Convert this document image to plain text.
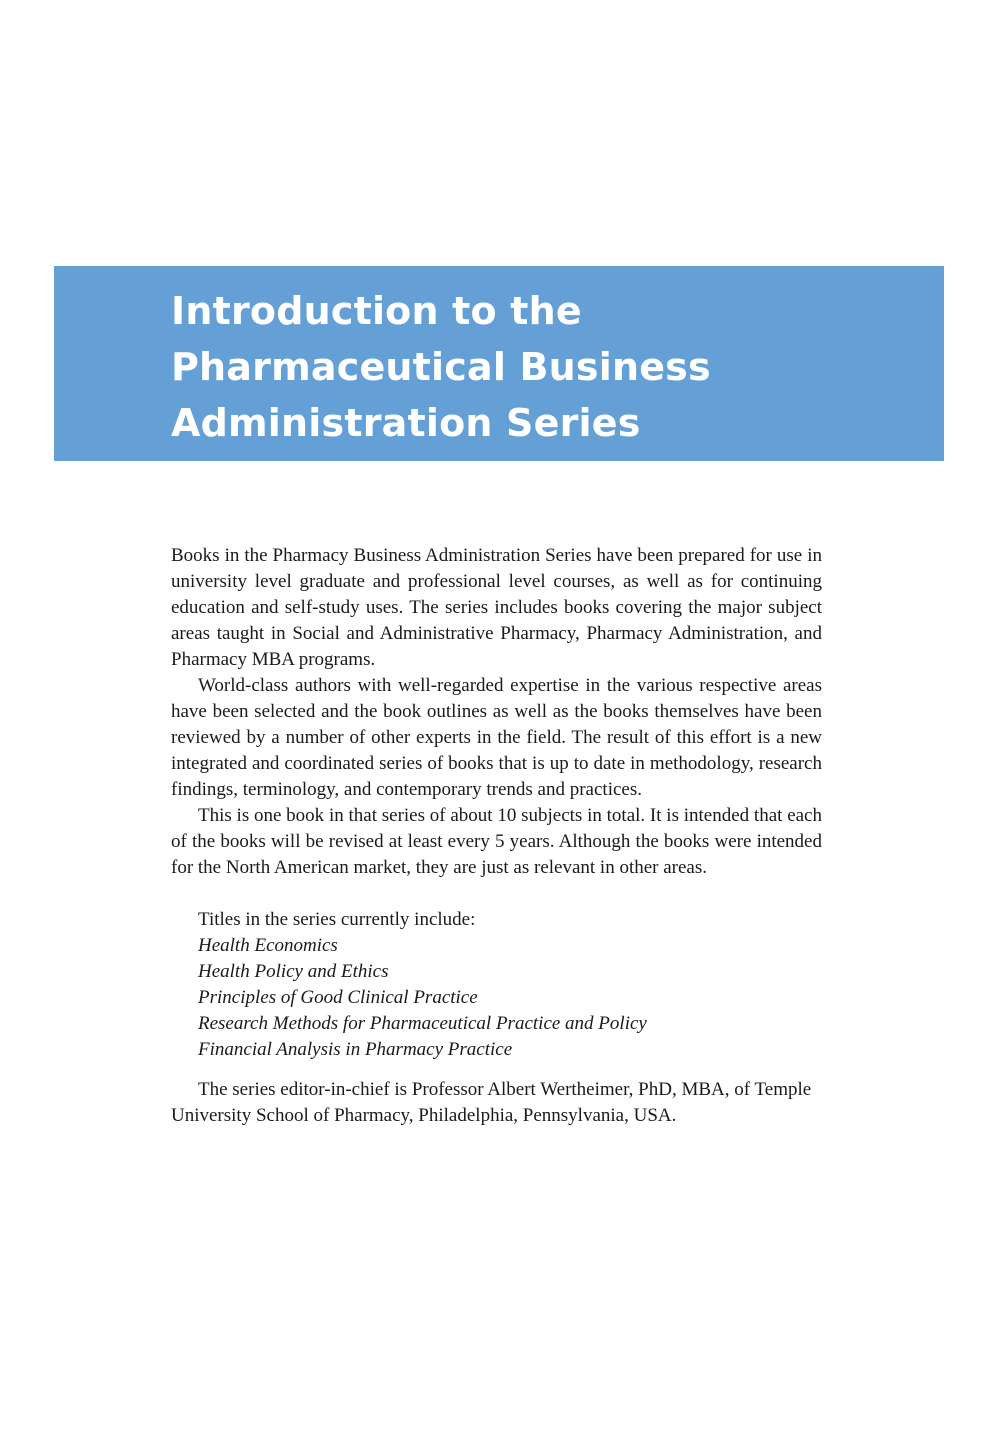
Introduction to the
Pharmaceutical Business
Administration Series

Books in the Pharmacy Business Administration Series have been prepared for use in university level graduate and professional level courses, as well as for continuing education and self-study uses. The series includes books covering the major subject areas taught in Social and Administrative Pharmacy, Pharmacy Administration, and Pharmacy MBA programs.

World-class authors with well-regarded expertise in the various respective areas have been selected and the book outlines as well as the books themselves have been reviewed by a number of other experts in the field. The result of this effort is a new integrated and coordinated series of books that is up to date in methodology, research findings, terminology, and contemporary trends and practices.

This is one book in that series of about 10 subjects in total. It is intended that each of the books will be revised at least every 5 years. Although the books were intended for the North American market, they are just as relevant in other areas.

Titles in the series currently include:
Health Economics
Health Policy and Ethics
Principles of Good Clinical Practice
Research Methods for Pharmaceutical Practice and Policy
Financial Analysis in Pharmacy Practice

The series editor-in-chief is Professor Albert Wertheimer, PhD, MBA, of Temple University School of Pharmacy, Philadelphia, Pennsylvania, USA.
